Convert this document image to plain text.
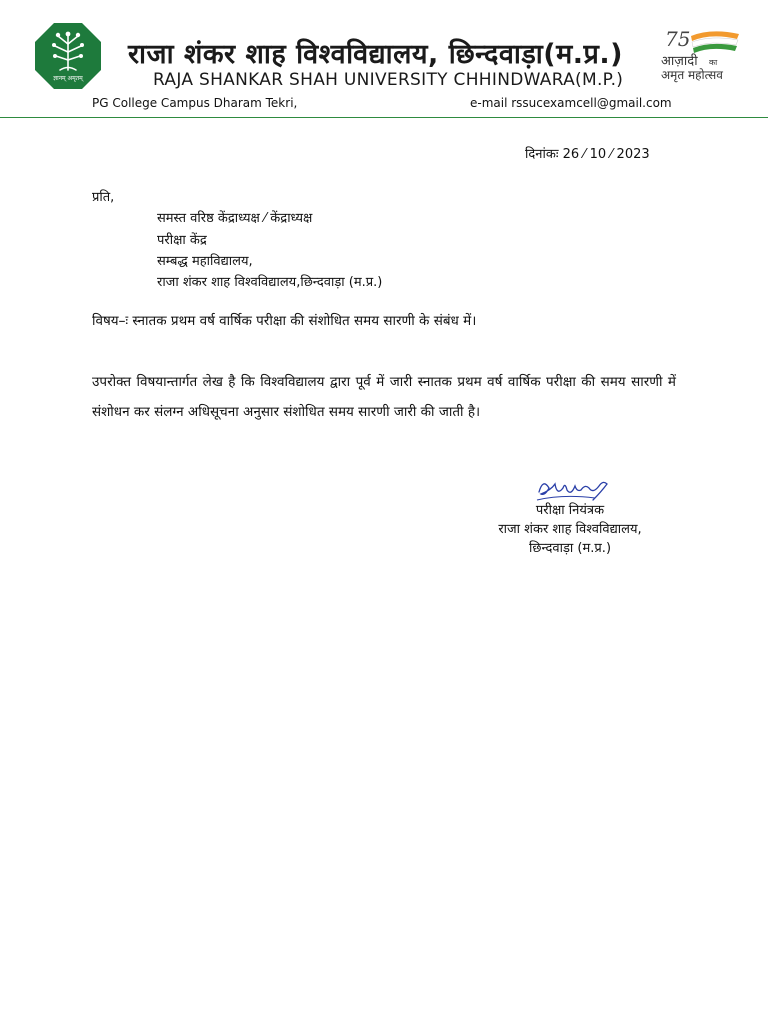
ज्ञानम् अमृतम्
राजा शंकर शाह विश्वविद्यालय, छिन्दवाड़ा(म.प्र.)
RAJA SHANKAR SHAH UNIVERSITY CHHINDWARA(M.P.)
75
आज़ादी का
अमृत महोत्सव
PG College Campus Dharam Tekri,	e-mail rssucexamcell@gmail.com
दिनांकः 26 ⁄ 10 ⁄ 2023
प्रति,
समस्त वरिष्ठ केंद्राध्यक्ष ⁄ केंद्राध्यक्ष
परीक्षा केंद्र
सम्बद्ध महाविद्यालय,
राजा शंकर शाह विश्वविद्यालय,छिन्दवाड़ा (म.प्र.)
विषय–ः स्नातक प्रथम वर्ष वार्षिक परीक्षा की संशोधित समय सारणी के संबंध में।
उपरोक्त विषयान्तार्गत लेख है कि विश्वविद्यालय द्वारा पूर्व में जारी स्नातक प्रथम वर्ष वार्षिक परीक्षा की समय सारणी में संशोधन कर संलग्न अधिसूचना अनुसार संशोधित समय सारणी जारी की जाती है।
परीक्षा नियंत्रक
राजा शंकर शाह विश्वविद्यालय,
छिन्दवाड़ा (म.प्र.)
